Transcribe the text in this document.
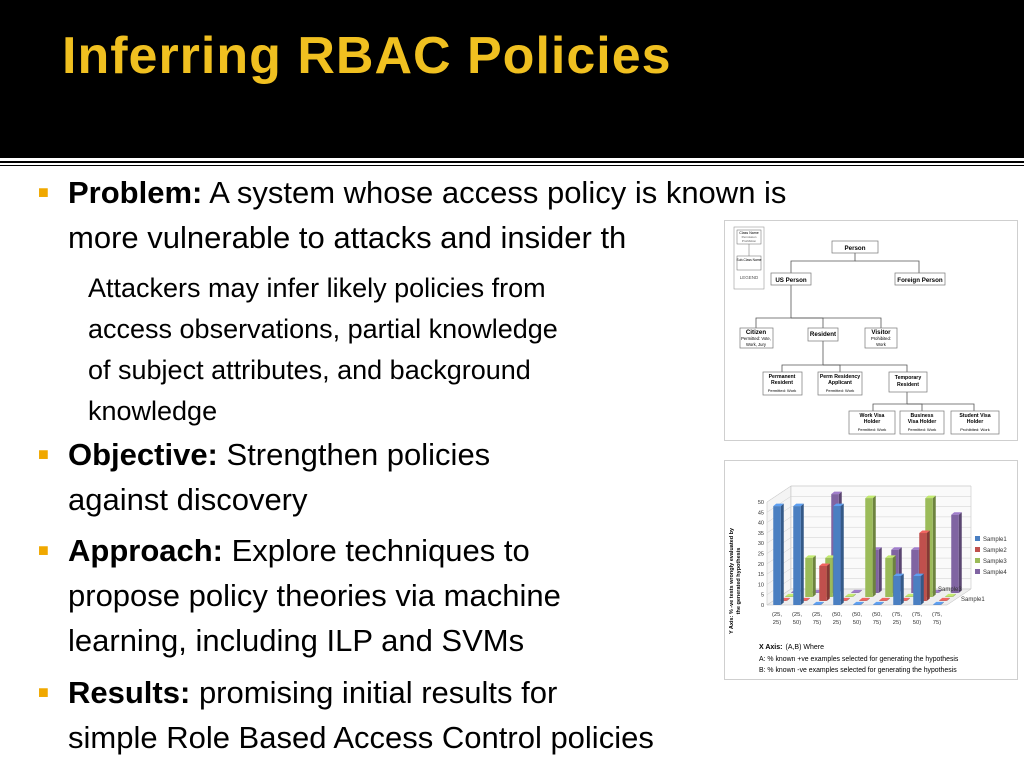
Inferring RBAC Policies
■ Problem: A system whose access policy is known is
more vulnerable to attacks and insider th
Attackers may infer likely policies from
access observations, partial knowledge
of subject attributes, and background
knowledge
■ Objective: Strengthen policies
against discovery
■ Approach: Explore techniques to
propose policy theories via machine
learning, including ILP and SVMs
■ Results: promising initial results for
simple Role Based Access Control policies
Class Name
Permission
Prohibition
Sub-Class Name
LEGEND
Person
US Person	Foreign Person
Citizen
Permitted: Vote,
Work, Jury
Resident	Visitor
Prohibited:
Work
Permanent
Resident
Permitted: Work
Perm Residency
Applicant
Permitted: Work
Temporary
Resident
Work Visa
Holder
Permitted: Work
Business
Visa Holder
Permitted: Work
Student Visa
Holder
Prohibited: Work
0
5
10
15
20
25
30
35
40
45
50
(25,
25)
(25,
50)
(25,
75)
(50,
25)
(50,
50)
(50,
75)
(75,
25)
(75,
50)
(75,
75)
Sample1
Sample2
Sample3
Sample4
Y Axis: % -ve tests wrongly evaluated by the generated hypothesis	Sample3
Sample1
X Axis: (A,B) Where
A: % known +ve examples selected for generating the hypothesis
B: % known -ve examples selected for generating the hypothesis
